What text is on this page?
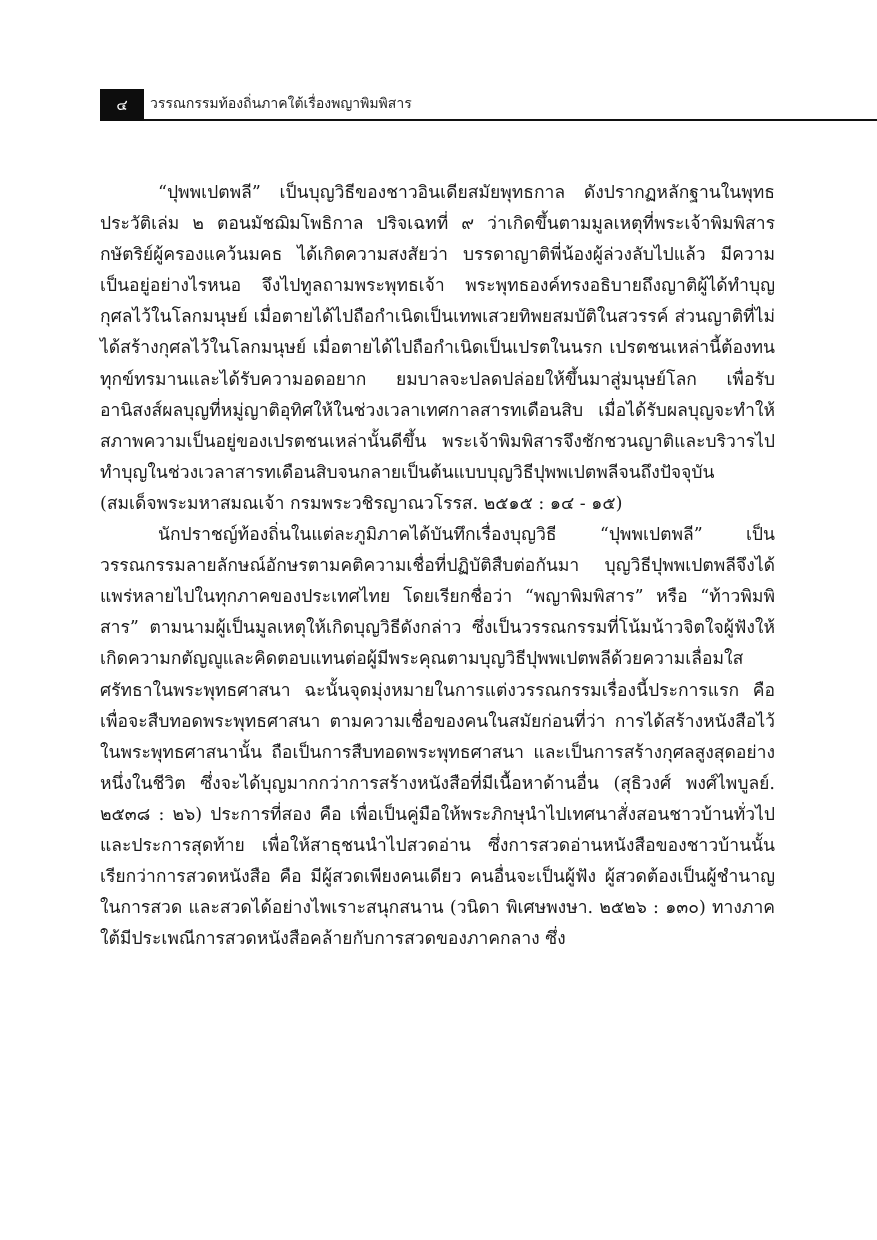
๔	วรรณกรรมท้องถิ่นภาคใต้เรื่องพญาพิมพิสาร

“ปุพพเปตพลี” เป็นบุญวิธีของชาวอินเดียสมัยพุทธกาล ดังปรากฏหลักฐานในพุทธประวัติเล่ม ๒ ตอนมัชฌิมโพธิกาล ปริจเฉทที่ ๙ ว่าเกิดขึ้นตามมูลเหตุที่พระเจ้าพิมพิสาร กษัตริย์ผู้ครองแคว้นมคธ ได้เกิดความสงสัยว่า บรรดาญาติพี่น้องผู้ล่วงลับไปแล้ว มีความเป็นอยู่อย่างไรหนอ จึงไปทูลถามพระพุทธเจ้า พระพุทธองค์ทรงอธิบายถึงญาติผู้ได้ทำบุญกุศลไว้ในโลกมนุษย์ เมื่อตายได้ไปถือกำเนิดเป็นเทพเสวยทิพยสมบัติในสวรรค์ ส่วนญาติที่ไม่ได้สร้างกุศลไว้ในโลกมนุษย์ เมื่อตายได้ไปถือกำเนิดเป็นเปรตในนรก เปรตชนเหล่านี้ต้องทนทุกข์ทรมานและได้รับความอดอยาก ยมบาลจะปลดปล่อยให้ขึ้นมาสู่มนุษย์โลก เพื่อรับอานิสงส์ผลบุญที่หมู่ญาติอุทิศให้ในช่วงเวลาเทศกาลสารทเดือนสิบ เมื่อได้รับผลบุญจะทำให้สภาพความเป็นอยู่ของเปรตชนเหล่านั้นดีขึ้น พระเจ้าพิมพิสารจึงชักชวนญาติและบริวารไปทำบุญในช่วงเวลาสารทเดือนสิบจนกลายเป็นต้นแบบบุญวิธีปุพพเปตพลีจนถึงปัจจุบัน (สมเด็จพระมหาสมณเจ้า กรมพระวชิรญาณวโรรส. ๒๕๑๕ : ๑๔ - ๑๕)

นักปราชญ์ท้องถิ่นในแต่ละภูมิภาคได้บันทึกเรื่องบุญวิธี “ปุพพเปตพลี” เป็นวรรณกรรมลายลักษณ์อักษรตามคติความเชื่อที่ปฏิบัติสืบต่อกันมา บุญวิธีปุพพเปตพลีจึงได้แพร่หลายไปในทุกภาคของประเทศไทย โดยเรียกชื่อว่า “พญาพิมพิสาร” หรือ “ท้าวพิมพิสาร” ตามนามผู้เป็นมูลเหตุให้เกิดบุญวิธีดังกล่าว ซึ่งเป็นวรรณกรรมที่โน้มน้าวจิตใจผู้ฟังให้เกิดความกตัญญูและคิดตอบแทนต่อผู้มีพระคุณตามบุญวิธีปุพพเปตพลีด้วยความเลื่อมใสศรัทธาในพระพุทธศาสนา ฉะนั้นจุดมุ่งหมายในการแต่งวรรณกรรมเรื่องนี้ประการแรก คือ เพื่อจะสืบทอดพระพุทธศาสนา ตามความเชื่อของคนในสมัยก่อนที่ว่า การได้สร้างหนังสือไว้ในพระพุทธศาสนานั้น ถือเป็นการสืบทอดพระพุทธศาสนา และเป็นการสร้างกุศลสูงสุดอย่างหนึ่งในชีวิต ซึ่งจะได้บุญมากกว่าการสร้างหนังสือที่มีเนื้อหาด้านอื่น (สุธิวงศ์ พงศ์ไพบูลย์. ๒๕๓๘ : ๒๖) ประการที่สอง คือ เพื่อเป็นคู่มือให้พระภิกษุนำไปเทศนาสั่งสอนชาวบ้านทั่วไป และประการสุดท้าย เพื่อให้สาธุชนนำไปสวดอ่าน ซึ่งการสวดอ่านหนังสือของชาวบ้านนั้น เรียกว่าการสวดหนังสือ คือ มีผู้สวดเพียงคนเดียว คนอื่นจะเป็นผู้ฟัง ผู้สวดต้องเป็นผู้ชำนาญในการสวด และสวดได้อย่างไพเราะสนุกสนาน (วนิดา พิเศษพงษา. ๒๕๒๖ : ๑๓๐) ทางภาคใต้มีประเพณีการสวดหนังสือคล้ายกับการสวดของภาคกลาง ซึ่ง
